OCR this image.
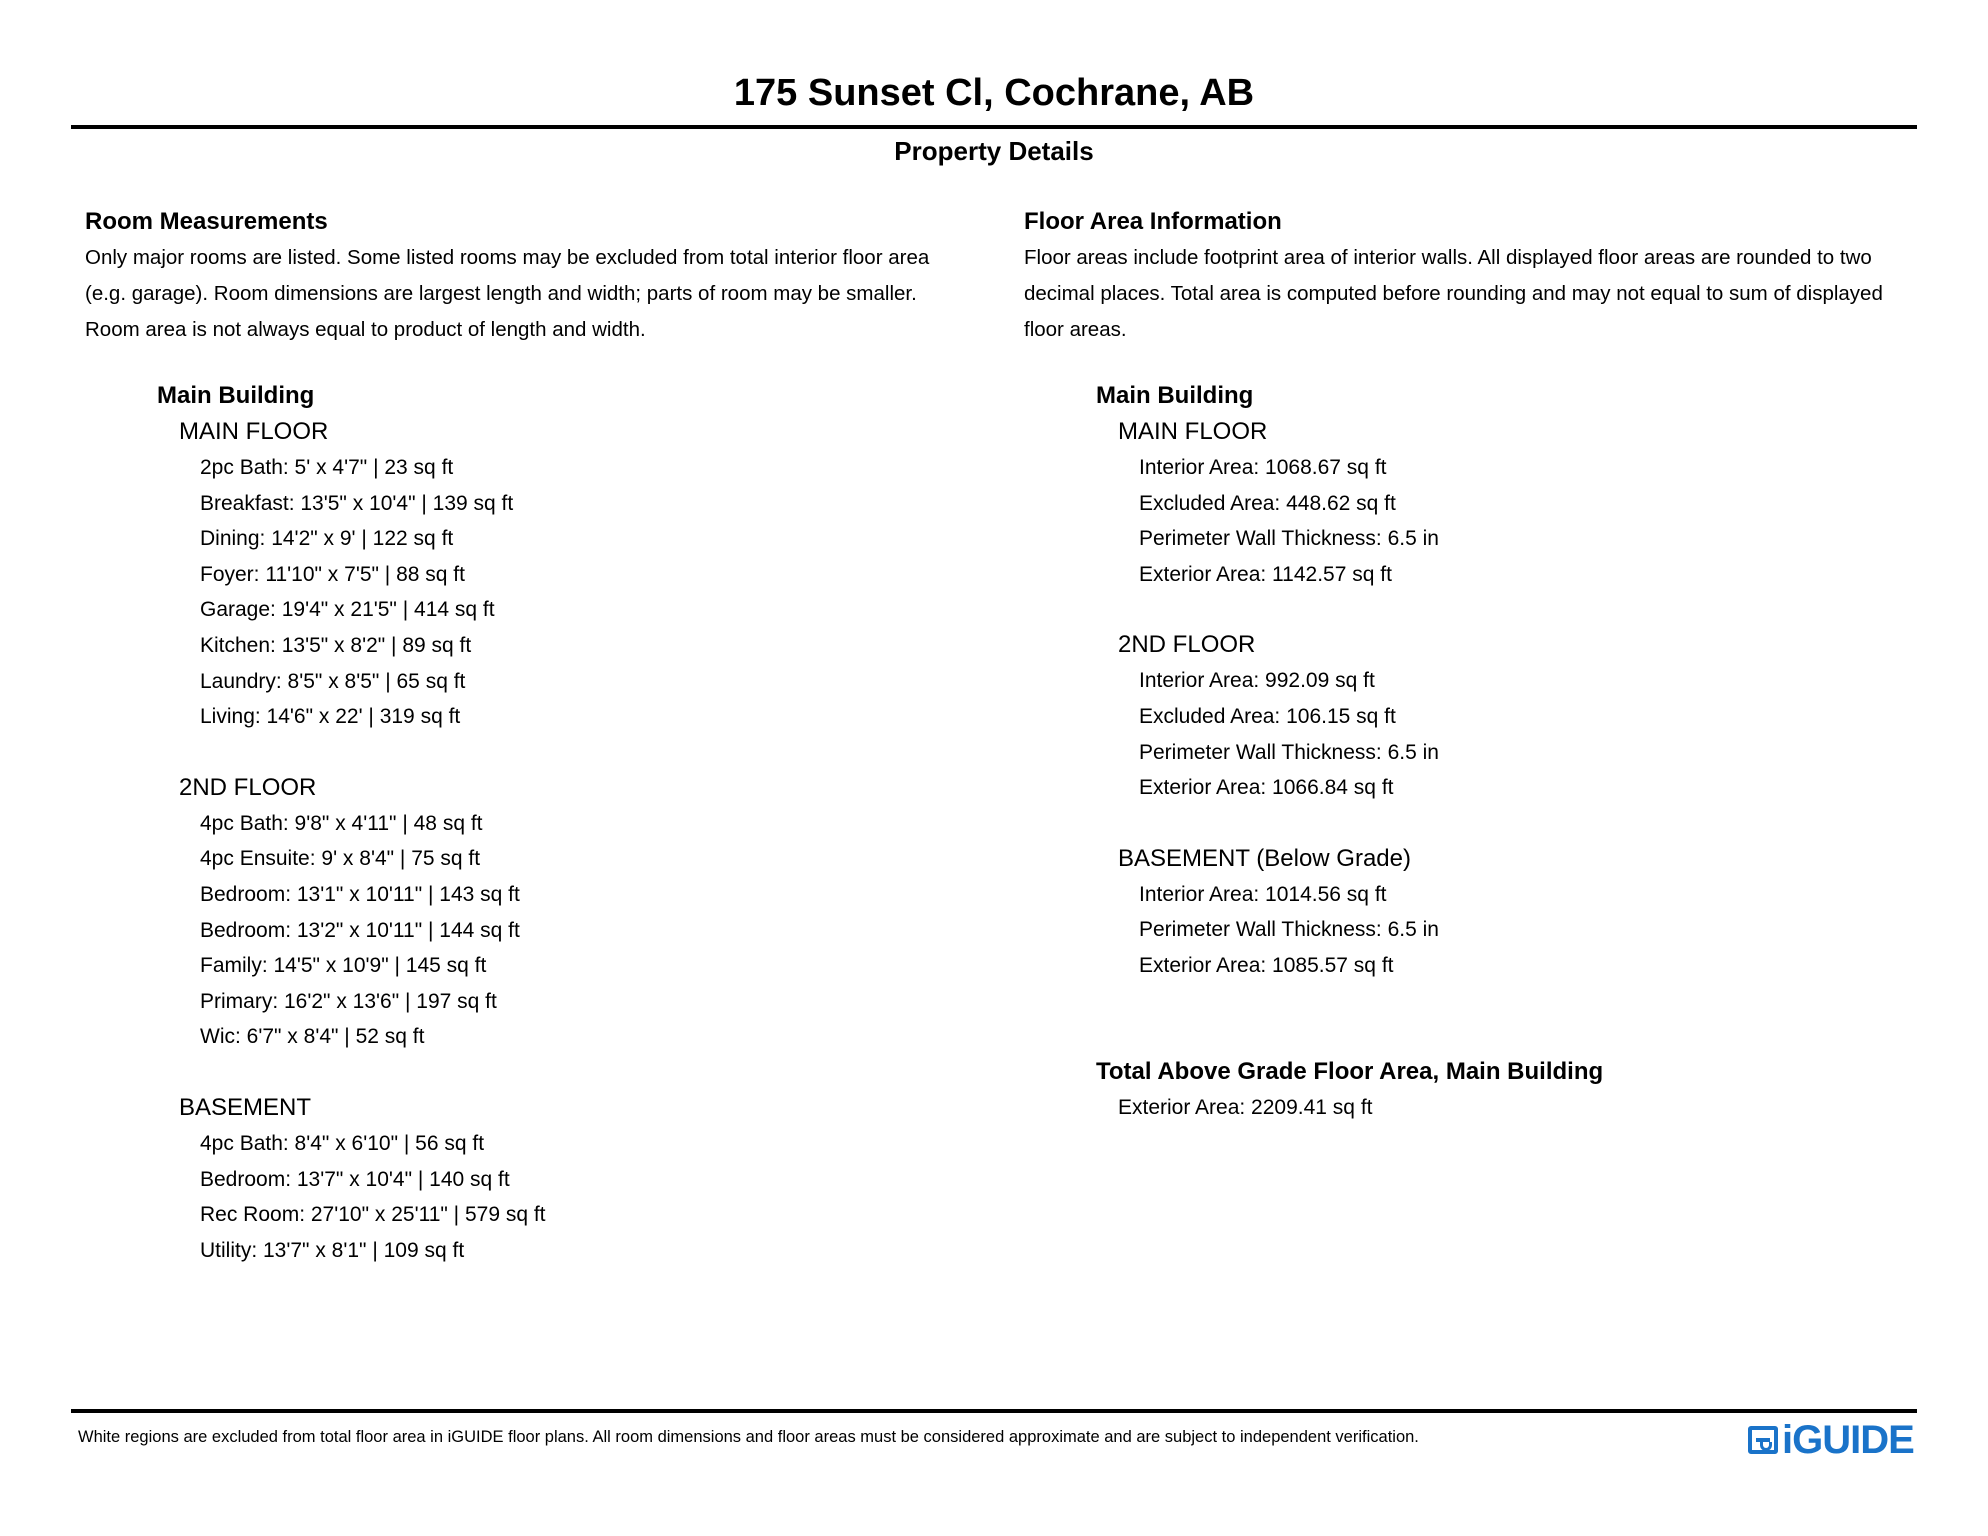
175 Sunset Cl, Cochrane, AB
Property Details
Room Measurements
Only major rooms are listed. Some listed rooms may be excluded from total interior floor area
(e.g. garage). Room dimensions are largest length and width; parts of room may be smaller.
Room area is not always equal to product of length and width.
Main Building
MAIN FLOOR
2pc Bath: 5' x 4'7" | 23 sq ft
Breakfast: 13'5" x 10'4" | 139 sq ft
Dining: 14'2" x 9' | 122 sq ft
Foyer: 11'10" x 7'5" | 88 sq ft
Garage: 19'4" x 21'5" | 414 sq ft
Kitchen: 13'5" x 8'2" | 89 sq ft
Laundry: 8'5" x 8'5" | 65 sq ft
Living: 14'6" x 22' | 319 sq ft
2ND FLOOR
4pc Bath: 9'8" x 4'11" | 48 sq ft
4pc Ensuite: 9' x 8'4" | 75 sq ft
Bedroom: 13'1" x 10'11" | 143 sq ft
Bedroom: 13'2" x 10'11" | 144 sq ft
Family: 14'5" x 10'9" | 145 sq ft
Primary: 16'2" x 13'6" | 197 sq ft
Wic: 6'7" x 8'4" | 52 sq ft
BASEMENT
4pc Bath: 8'4" x 6'10" | 56 sq ft
Bedroom: 13'7" x 10'4" | 140 sq ft
Rec Room: 27'10" x 25'11" | 579 sq ft
Utility: 13'7" x 8'1" | 109 sq ft
Floor Area Information
Floor areas include footprint area of interior walls. All displayed floor areas are rounded to two
decimal places. Total area is computed before rounding and may not equal to sum of displayed
floor areas.
Main Building
MAIN FLOOR
Interior Area: 1068.67 sq ft
Excluded Area: 448.62 sq ft
Perimeter Wall Thickness: 6.5 in
Exterior Area: 1142.57 sq ft
2ND FLOOR
Interior Area: 992.09 sq ft
Excluded Area: 106.15 sq ft
Perimeter Wall Thickness: 6.5 in
Exterior Area: 1066.84 sq ft
BASEMENT (Below Grade)
Interior Area: 1014.56 sq ft
Perimeter Wall Thickness: 6.5 in
Exterior Area: 1085.57 sq ft
Total Above Grade Floor Area, Main Building
Exterior Area: 2209.41 sq ft
White regions are excluded from total floor area in iGUIDE floor plans. All room dimensions and floor areas must be considered approximate and are subject to independent verification.	iGUIDE
